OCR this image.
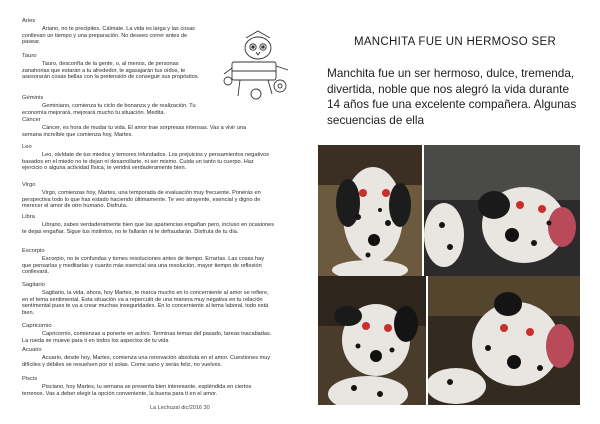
Aries
Ariano, no te precipites. Cálmate. La vida es larga y las cosas conllevan un tiempo y una preparación. No desees correr antes de pasear.
Tauro
Tauro, desconfía de la gente, o, al menos, de personas zanahorias que estarán a tu alrededor, te agasajarán tus oídos, te asesorarán cosas bellas con la pretensión de conseguir sus propósitos.
Géminis
Geminiano, comienza tu ciclo de bonanza y de realización. Tu economía mejorará, mejorará mucho tu situación. Medita.
Cáncer
Cáncer, es hora de mudar tu vida. El amor trae sorpresas intensas. Vas a vivir una semana increíble que comienza hoy, Martes.
Leo
Leo, olvídate de tus miedos y temores infundados. Los prejuicios y pensamientos negativos basados en el miedo no te dejan ni desarrollarte, ni ser mismo. Cuida un tanto tu cuerpo. Haz ejercicio o alguna actividad física, te vendrá verdaderamente bien.
Virgo
Virgo, comienzas hoy, Martes, una temporada de evaluación muy frecuente. Ponérás en perspectiva todo lo que has estado haciendo últimamente. Te veo atrayente, esencial y digno de merecer el amor de otro humano. Disfruta.
Libra
Librano, sabes verdaderamente bien que las apariencias engañan pero, incluso en ocasiones te dejas engañar. Sigue tus instintos, no te fallarán ni te defraudarán. Disfruta de tu día.
Escorpio
Escorpio, no te confundas y tomes resoluciones antes de tiempo. Errarías. Las cosas hay que pensarlas y meditarlas y cuanto más esencial sea una resolución, mayor tiempo de reflexión conllevará.
Sagitario
Sagitario, la vida, ahora, hoy Martes, te marca mucho en lo concerniente al amor se refiere, en el tema sentimental. Esta situación va a repercutir de una manera muy negativa en tu relación sentimental pues te va a crear muchas inseguridades. En lo concerniente al tema laboral, todo está bien.
Capricornio
Capricornio, comienzas a ponerte en activo. Terminas temas del pasado, tareas inacabadas. La rueda se mueve para ti en todos los aspectos de tu vida
Acuario
Acuario, desde hoy, Martes, comienza una renovación absoluta en el amor. Cuestiones muy difíciles y débiles se resuelven por sí solas. Come sano y serás feliz, no vuelves.
Piscis
Pisciano, hoy Martes, tu semana se presenta bien interesante, espléndida en ciertos terrenos. Vas a deber elegir la opción conveniente, la buena para ti en el amor.
La Lechuzal dic/2016 30
MANCHITA FUE UN HERMOSO SER
Manchita fue un ser hermoso, dulce, tremenda, divertida, noble que nos alegró la vida durante 14 años fue una excelente compañera. Algunas secuencias de ella
